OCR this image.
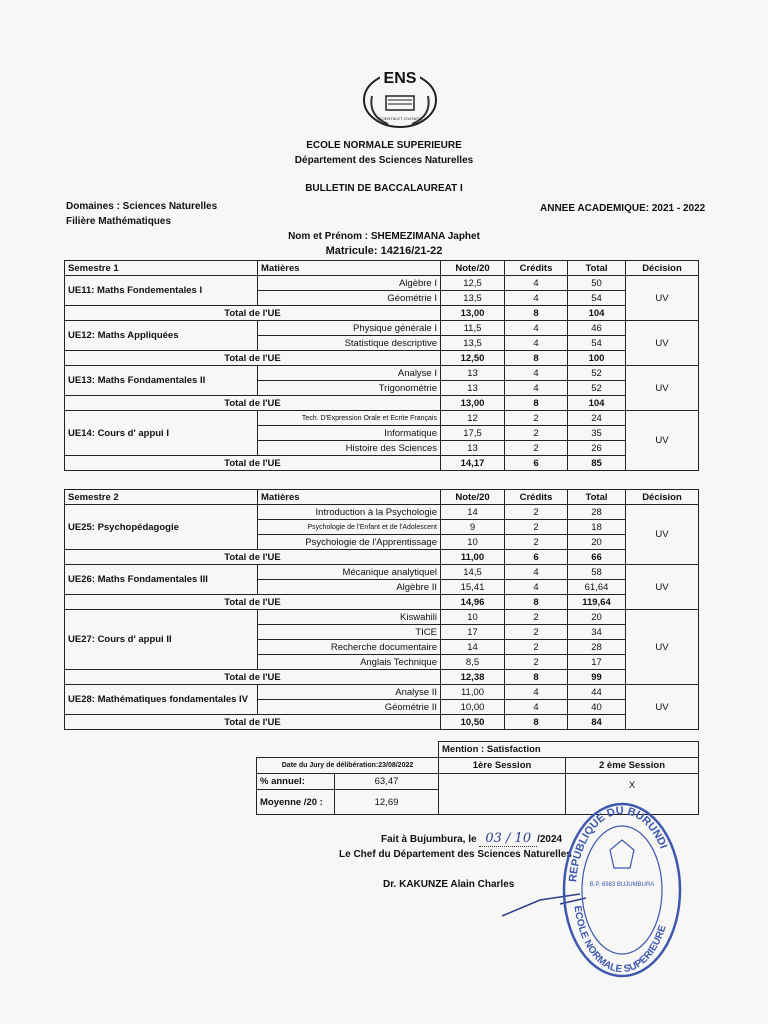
ENS
SCIENTIA ET CIVITATIS
ECOLE NORMALE SUPERIEURE
Département des Sciences Naturelles
BULLETIN DE BACCALAUREAT I
Domaines : Sciences Naturelles
Filière Mathématiques
ANNEE ACADEMIQUE: 2021 - 2022
Nom et Prénom : SHEMEZIMANA Japhet
Matricule: 14216/21-22
Semestre 1	Matières	Note/20	Crédits	Total	Décision
UE11: Maths Fondementales I	Algèbre I	12,5	4	50	UV
	Géométrie I	13,5	4	54	
Total de l'UE		13,00	8	104	
UE12: Maths Appliquées	Physique générale I	11,5	4	46	UV
	Statistique descriptive	13,5	4	54	
Total de l'UE		12,50	8	100	
UE13: Maths Fondamentales II	Analyse I	13	4	52	UV
	Trigonométrie	13	4	52	
Total de l'UE		13,00	8	104	
UE14: Cours d' appui I	Tech. D'Expression Orale et Ecrite Français	12	2	24	UV
	Informatique	17,5	2	35	
	Histoire des Sciences	13	2	26	
Total de l'UE		14,17	6	85	

Semestre 2	Matières	Note/20	Crédits	Total	Décision
UE25: Psychopédagogie	Introduction à la Psychologie	14	2	28	UV
	Psychologie de l'Enfant et de l'Adolescent	9	2	18	
	Psychologie de l'Apprentissage	10	2	20	
Total de l'UE		11,00	6	66	
UE26: Maths Fondamentales III	Mécanique analytiquel	14,5	4	58	UV
	Algèbre II	15,41	4	61,64	
Total de l'UE		14,96	8	119,64	
UE27: Cours d' appui II	Kiswahili	10	2	20	UV
	TICE	17	2	34	
	Recherche documentaire	14	2	28	
	Anglais Technique	8,5	2	17	
Total de l'UE		12,38	8	99	
UE28: Mathématiques fondamentales IV	Analyse II	11,00	4	44	UV
	Géométrie II	10,00	4	40	
Total de l'UE		10,50	8	84	
		Mention : Satisfaction	
Date du Jury de délibération:23/08/2022		1ère Session	2 ème Session
% annuel:	63,47		X
Moyenne /20 :	12,69		
Fait à Bujumbura, le 03 / 10 /2024
Le Chef du Département des Sciences Naturelles
Dr. KAKUNZE Alain Charles
REPUBLIQUE DU BURUNDI
ECOLE NORMALE SUPERIEURE
B.P. 6983 BUJUMBURA
